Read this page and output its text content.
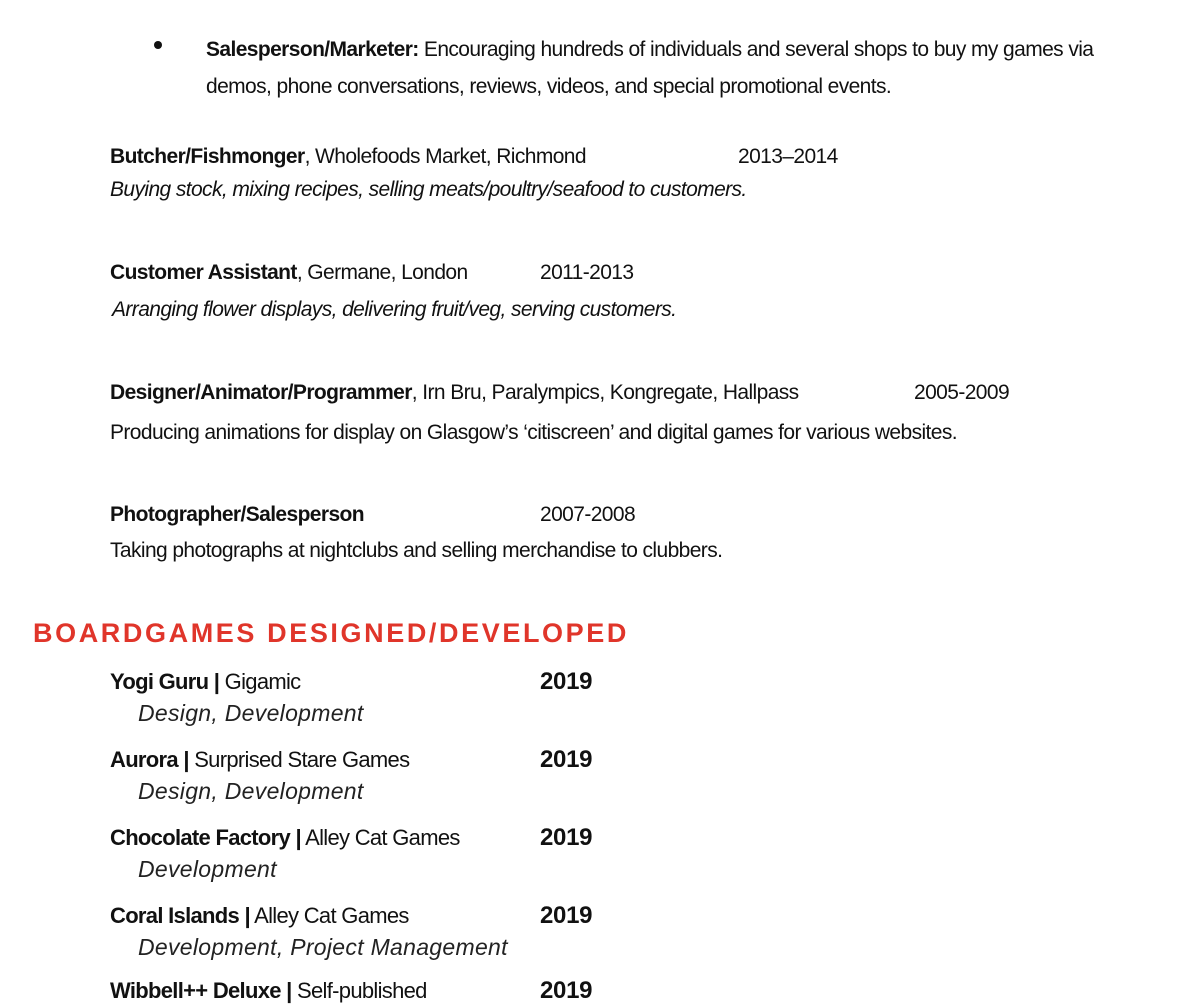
Salesperson/Marketer: Encouraging hundreds of individuals and several shops to buy my games via
demos, phone conversations, reviews, videos, and special promotional events.
Butcher/Fishmonger, Wholefoods Market, Richmond	2013–2014
Buying stock, mixing recipes, selling meats/poultry/seafood to customers.
Customer Assistant, Germane, London	2011-2013
Arranging flower displays, delivering fruit/veg, serving customers.
Designer/Animator/Programmer, Irn Bru, Paralympics, Kongregate, Hallpass	2005-2009
Producing animations for display on Glasgow’s ‘citiscreen’ and digital games for various websites.
Photographer/Salesperson	2007-2008
Taking photographs at nightclubs and selling merchandise to clubbers.
BOARDGAMES DESIGNED/DEVELOPED
Yogi Guru | Gigamic	2019
Design, Development
Aurora | Surprised Stare Games	2019
Design, Development
Chocolate Factory | Alley Cat Games	2019
Development
Coral Islands | Alley Cat Games	2019
Development, Project Management
Wibbell++ Deluxe | Self-published	2019
